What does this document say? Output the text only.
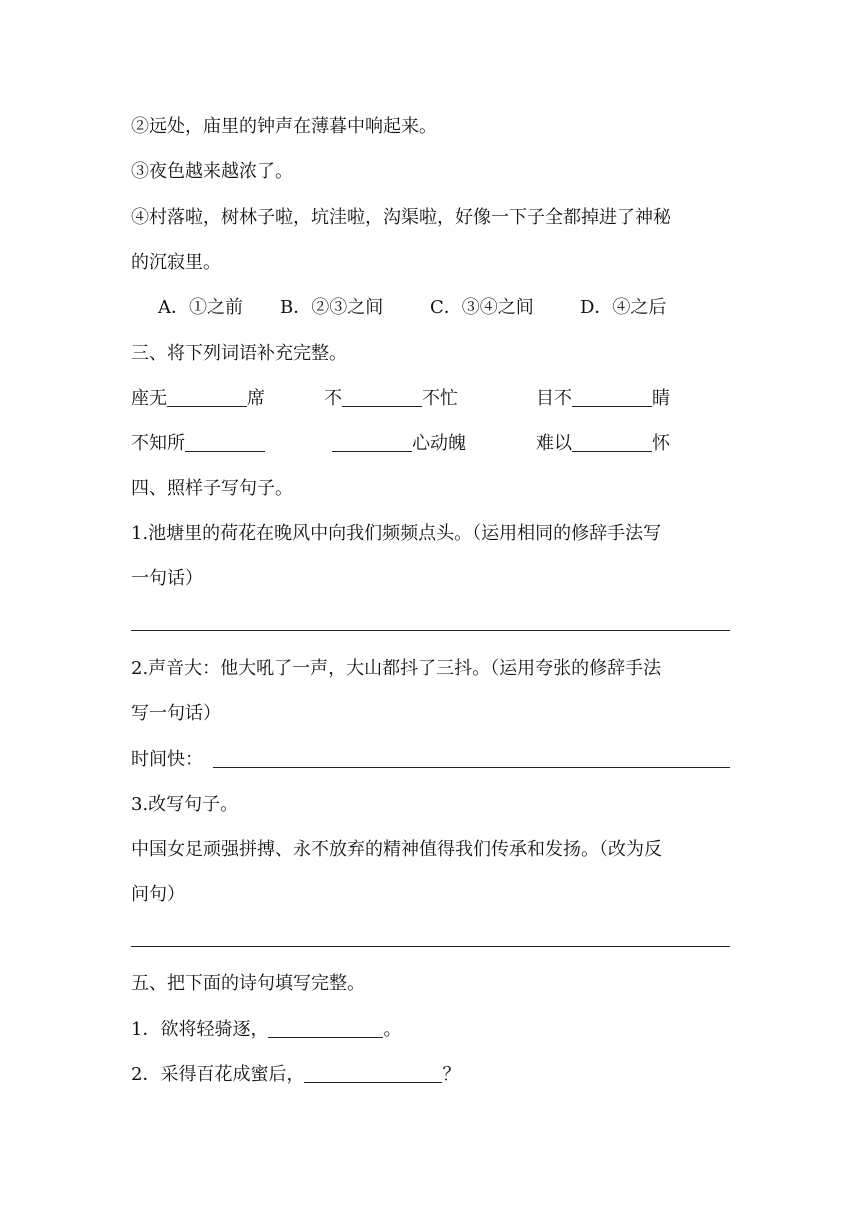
②远处，庙里的钟声在薄暮中响起来。
③夜色越来越浓了。
④村落啦，树林子啦，坑洼啦，沟渠啦，好像一下子全都掉进了神秘
的沉寂里。
A．①之前 B．②③之间	C．③④之间	D．④之后
三、将下列词语补充完整。
座无	席	不	不忙	目不	睛
不知所	心动魄	难以	怀
四、照样子写句子。
1.池塘里的荷花在晚风中向我们频频点头。（运用相同的修辞手法写
一句话）
2.声音大：他大吼了一声，大山都抖了三抖。（运用夸张的修辞手法
写一句话）
时间快：
3.改写句子。
中国女足顽强拼搏、永不放弃的精神值得我们传承和发扬。（改为反
问句）
五、把下面的诗句填写完整。
1．欲将轻骑逐，	。
2．采得百花成蜜后，	？
